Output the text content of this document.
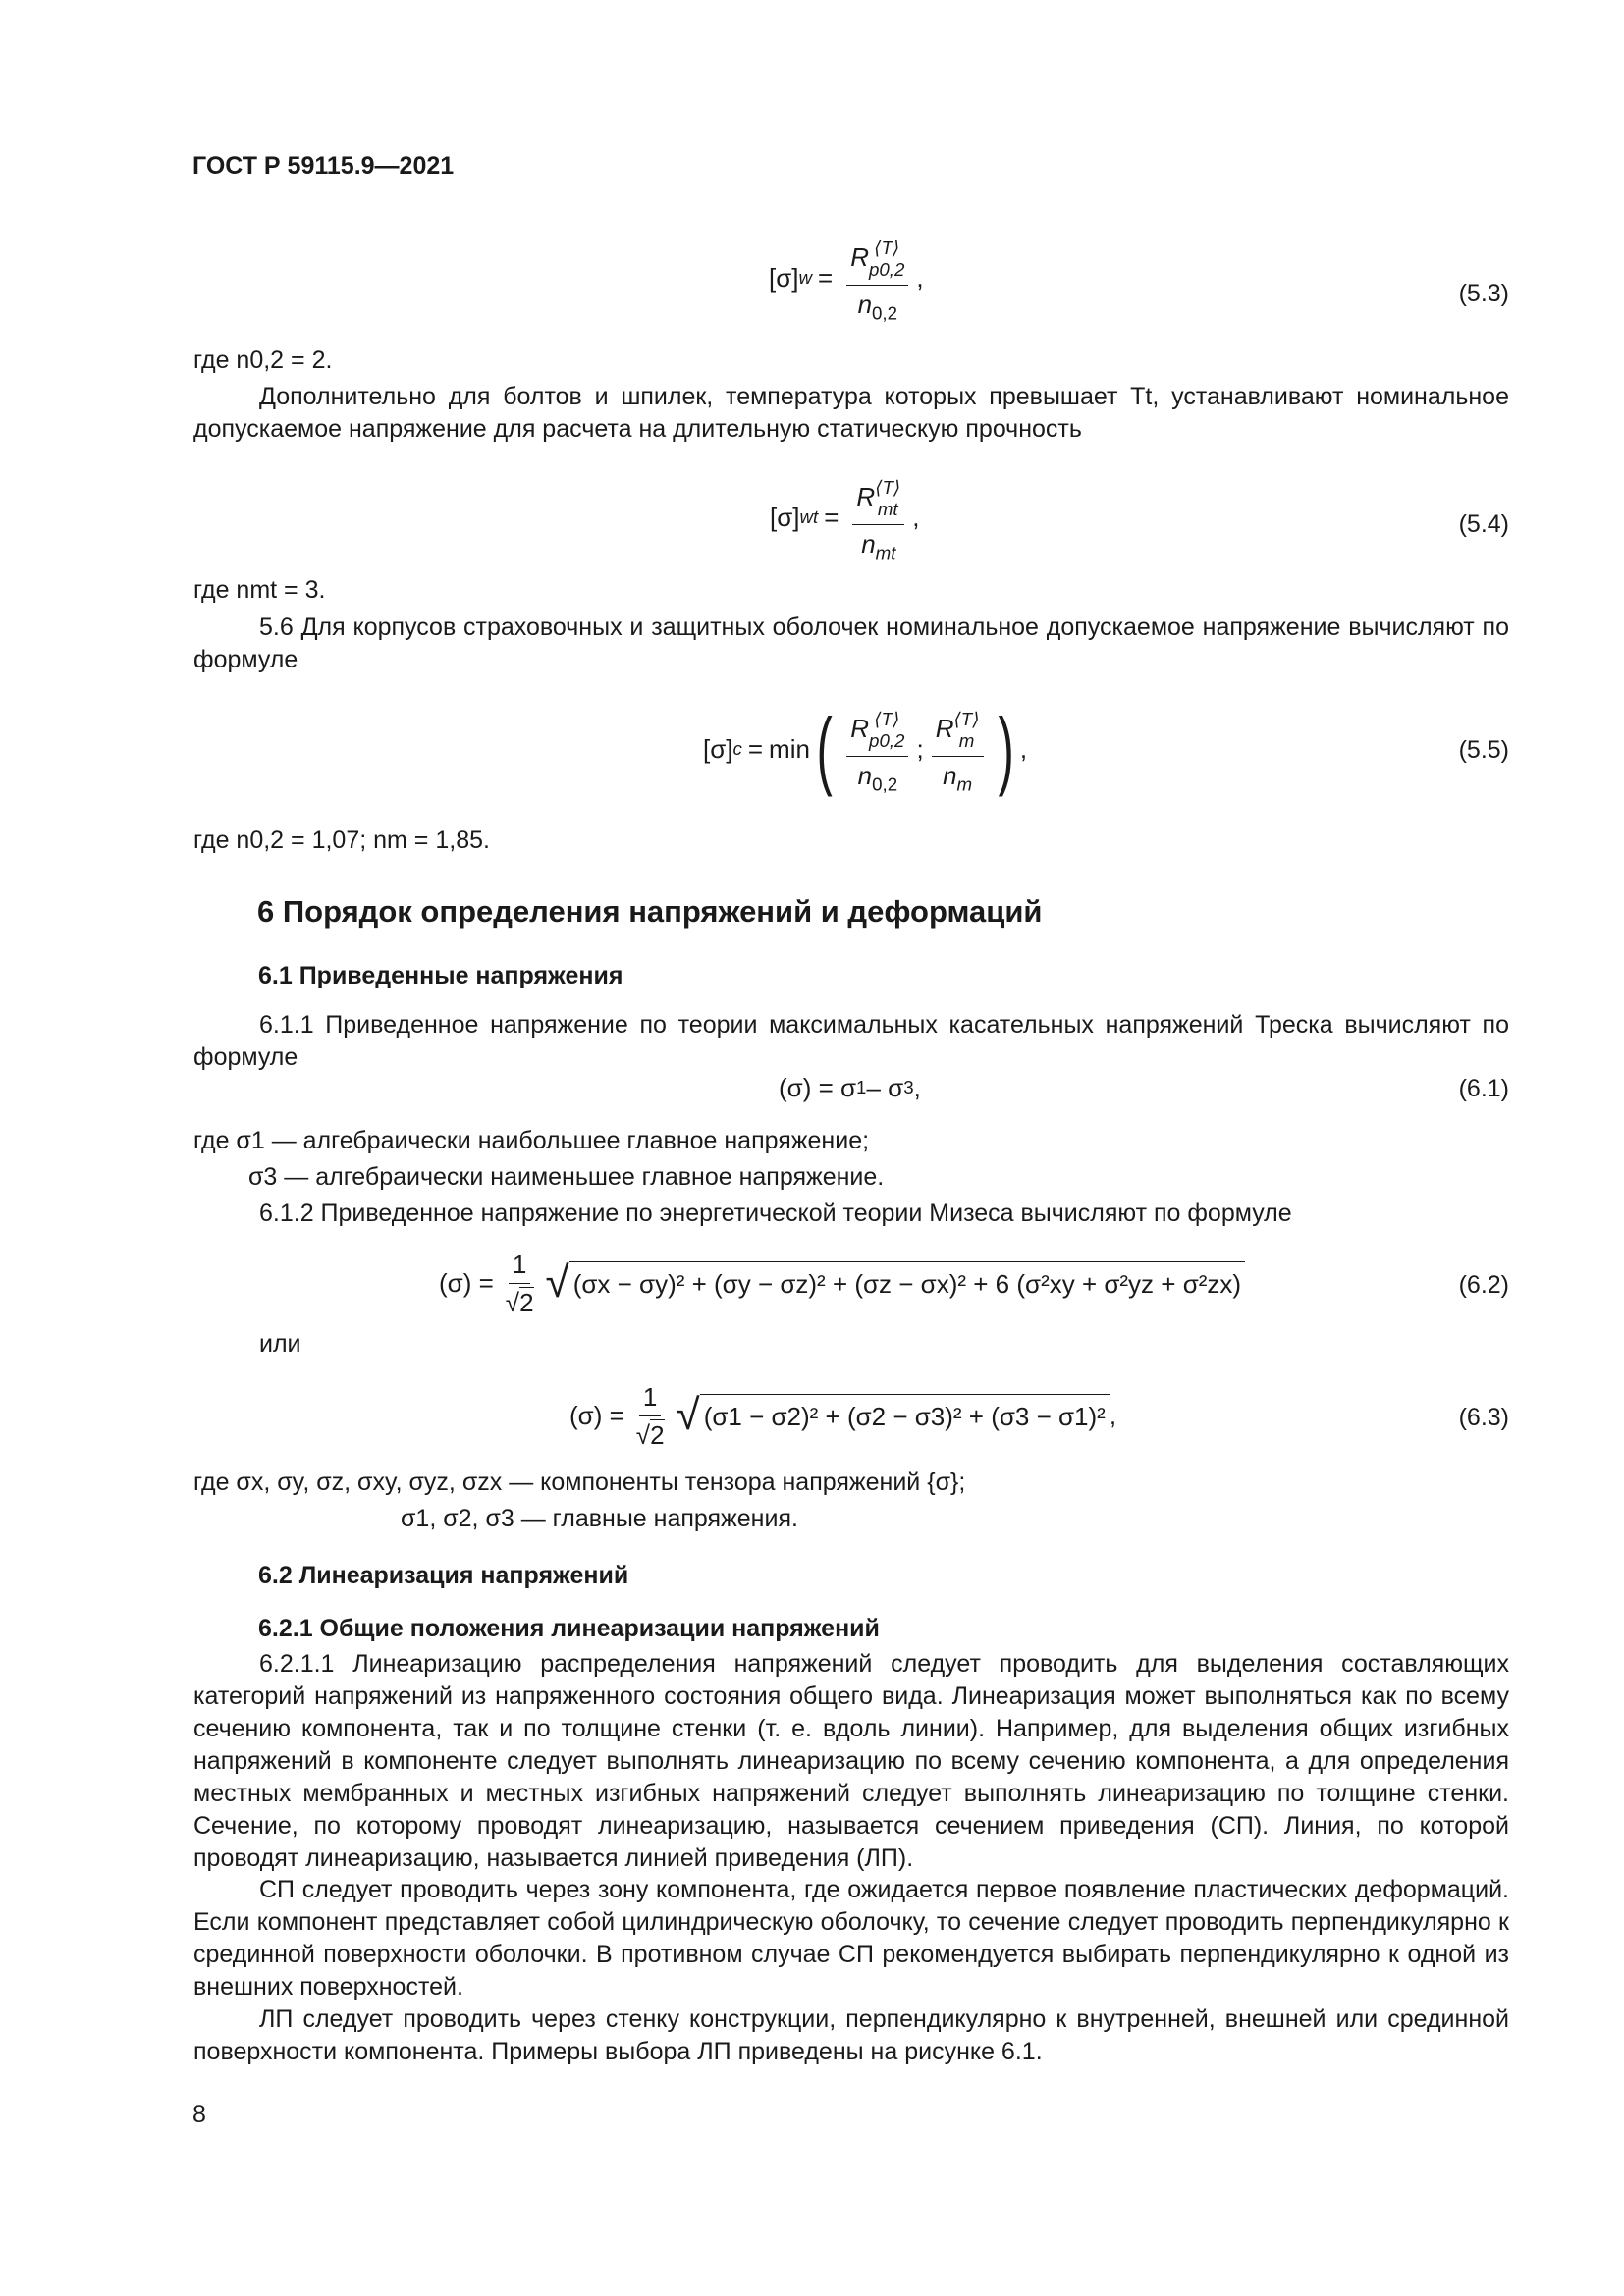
ГОСТ Р 59115.9—2021
[σ] w = R ⟨T⟩
p0,2
$n_{0,2}$ ,
(5.3)

где n0,2 = 2.

Дополнительно для болтов и шпилек, температура которых превышает Tt, устанавливают номинальное допускаемое напряжение для расчета на длительную статическую прочность

[σ] wt = R ⟨T⟩
mt
$n_{mt}$ ,	(5.4)

где nmt = 3.

5.6 Для корпусов страховочных и защитных оболочек номинальное допускаемое напряжение вычисляют по формуле

[σ] c = min ( R ⟨T⟩
p0,2
$n_{0,2}$ ; R ⟨T⟩
m
$n_m$ ) ,	(5.5)

где n0,2 = 1,07; nm = 1,85.

6 Порядок определения напряжений и деформаций
6.1 Приведенные напряжения

6.1.1 Приведенное напряжение по теории максимальных касательных напряжений Треска вычисляют по формуле

(σ) = σ 1 – σ 3 ,	(6.1)

где σ1 — алгебраически наибольшее главное напряжение;

σ3 — алгебраически наименьшее главное напряжение.

6.1.2 Приведенное напряжение по энергетической теории Мизеса вычисляют по формуле

$(\sigma) = \frac{1}{√2}$ √ (σx − σy)² + (σy − σz)² + (σz − σx)² + 6 (σ²xy + σ²yz + σ²zx)	(6.2)

или

$(\sigma) = \frac{1}{√2}$ √ (σ1 − σ2)² + (σ2 − σ3)² + (σ3 − σ1)² ,	(6.3)

где σx, σy, σz, σxy, σyz, σzx — компоненты тензора напряжений {σ};

σ1, σ2, σ3 — главные напряжения.

6.2 Линеаризация напряжений
6.2.1 Общие положения линеаризации напряжений

6.2.1.1 Линеаризацию распределения напряжений следует проводить для выделения составляющих категорий напряжений из напряженного состояния общего вида. Линеаризация может выполняться как по всему сечению компонента, так и по толщине стенки (т. е. вдоль линии). Например, для выделения общих изгибных напряжений в компоненте следует выполнять линеаризацию по всему сечению компонента, а для определения местных мембранных и местных изгибных напряжений следует выполнять линеаризацию по толщине стенки. Сечение, по которому проводят линеаризацию, называется сечением приведения (СП). Линия, по которой проводят линеаризацию, называется линией приведения (ЛП).

СП следует проводить через зону компонента, где ожидается первое появление пластических деформаций. Если компонент представляет собой цилиндрическую оболочку, то сечение следует проводить перпендикулярно к срединной поверхности оболочки. В противном случае СП рекомендуется выбирать перпендикулярно к одной из внешних поверхностей.

ЛП следует проводить через стенку конструкции, перпендикулярно к внутренней, внешней или срединной поверхности компонента. Примеры выбора ЛП приведены на рисунке 6.1.

8
